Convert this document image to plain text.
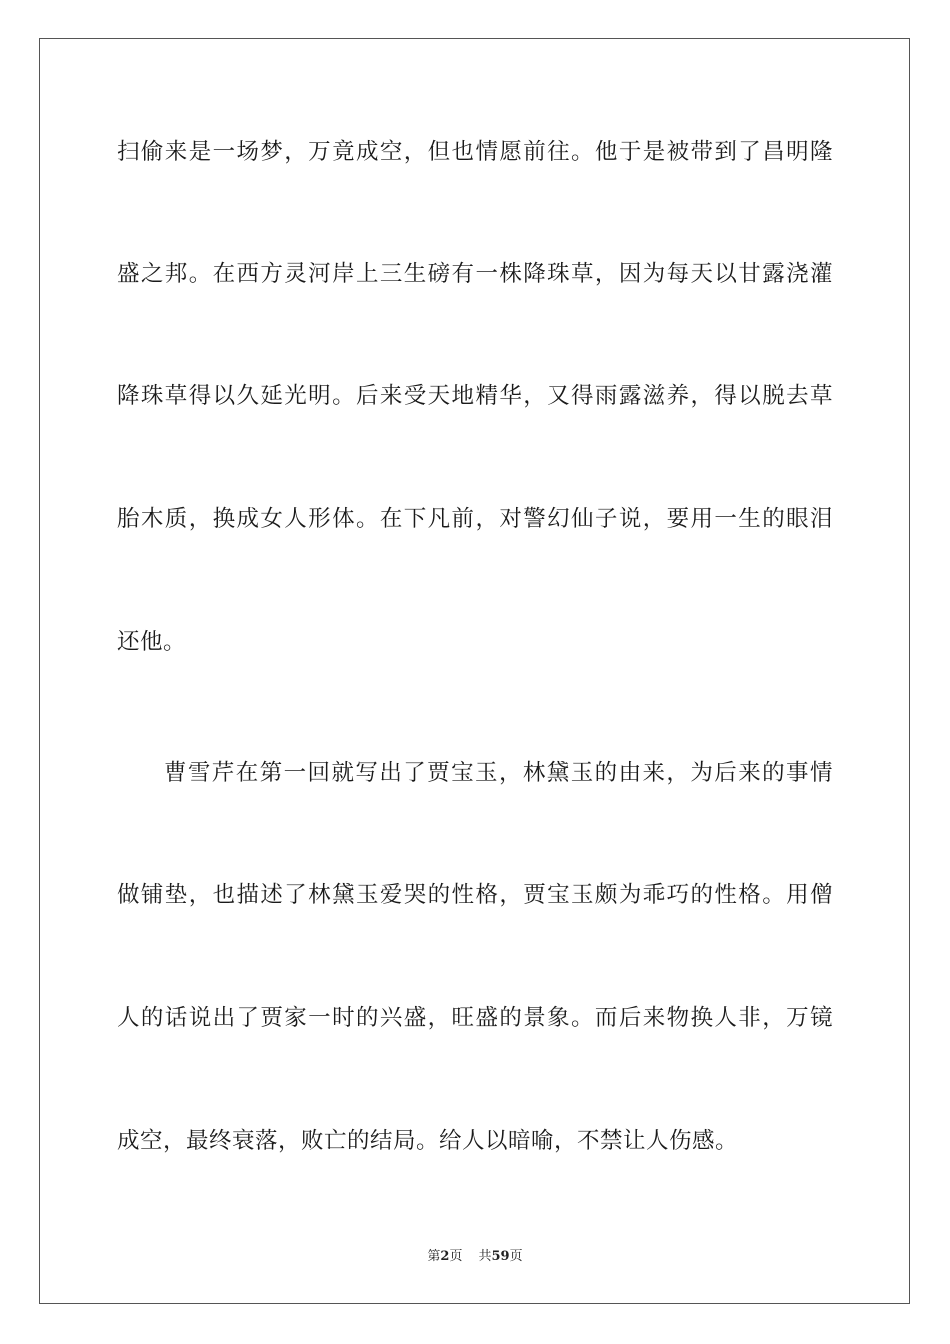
扫偷来是一场梦，万竟成空，但也情愿前往。他于是被带到了昌明隆
盛之邦。在西方灵河岸上三生磅有一株降珠草，因为每天以甘露浇灌
降珠草得以久延光明。后来受天地精华，又得雨露滋养，得以脱去草
胎木质，换成女人形体。在下凡前，对警幻仙子说，要用一生的眼泪
还他。
曹雪芹在第一回就写出了贾宝玉，林黛玉的由来，为后来的事情
做铺垫，也描述了林黛玉爱哭的性格，贾宝玉颇为乖巧的性格。用僧
人的话说出了贾家一时的兴盛，旺盛的景象。而后来物换人非，万镜
成空，最终衰落，败亡的结局。给人以暗喻，不禁让人伤感。
第2页 共59页
